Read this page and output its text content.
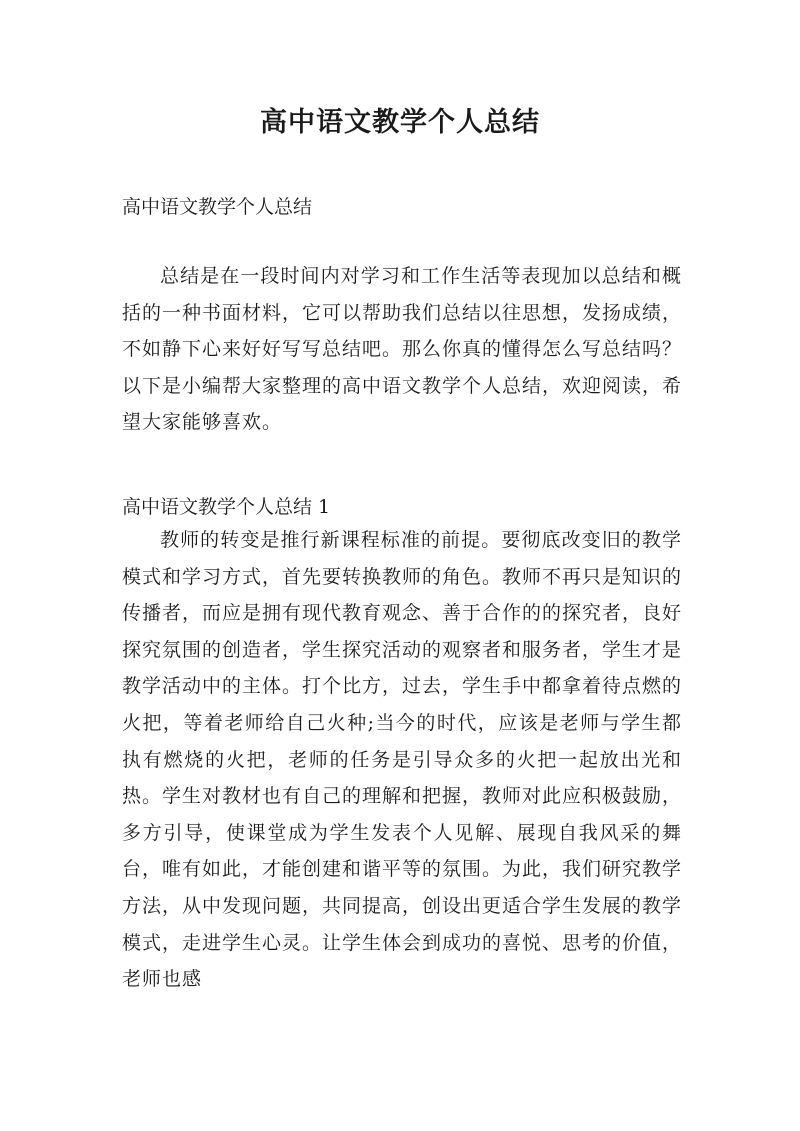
高中语文教学个人总结
高中语文教学个人总结
总结是在一段时间内对学习和工作生活等表现加以总结和概括的一种书面材料，它可以帮助我们总结以往思想，发扬成绩，不如静下心来好好写写总结吧。那么你真的懂得怎么写总结吗？以下是小编帮大家整理的高中语文教学个人总结，欢迎阅读，希望大家能够喜欢。
高中语文教学个人总结 1
教师的转变是推行新课程标准的前提。要彻底改变旧的教学模式和学习方式，首先要转换教师的角色。教师不再只是知识的传播者，而应是拥有现代教育观念、善于合作的的探究者，良好探究氛围的创造者，学生探究活动的观察者和服务者，学生才是教学活动中的主体。打个比方，过去，学生手中都拿着待点燃的火把，等着老师给自己火种;当今的时代，应该是老师与学生都执有燃烧的火把，老师的任务是引导众多的火把一起放出光和热。学生对教材也有自己的理解和把握，教师对此应积极鼓励，多方引导，使课堂成为学生发表个人见解、展现自我风采的舞台，唯有如此，才能创建和谐平等的氛围。为此，我们研究教学方法，从中发现问题，共同提高，创设出更适合学生发展的教学模式，走进学生心灵。让学生体会到成功的喜悦、思考的价值，老师也感
